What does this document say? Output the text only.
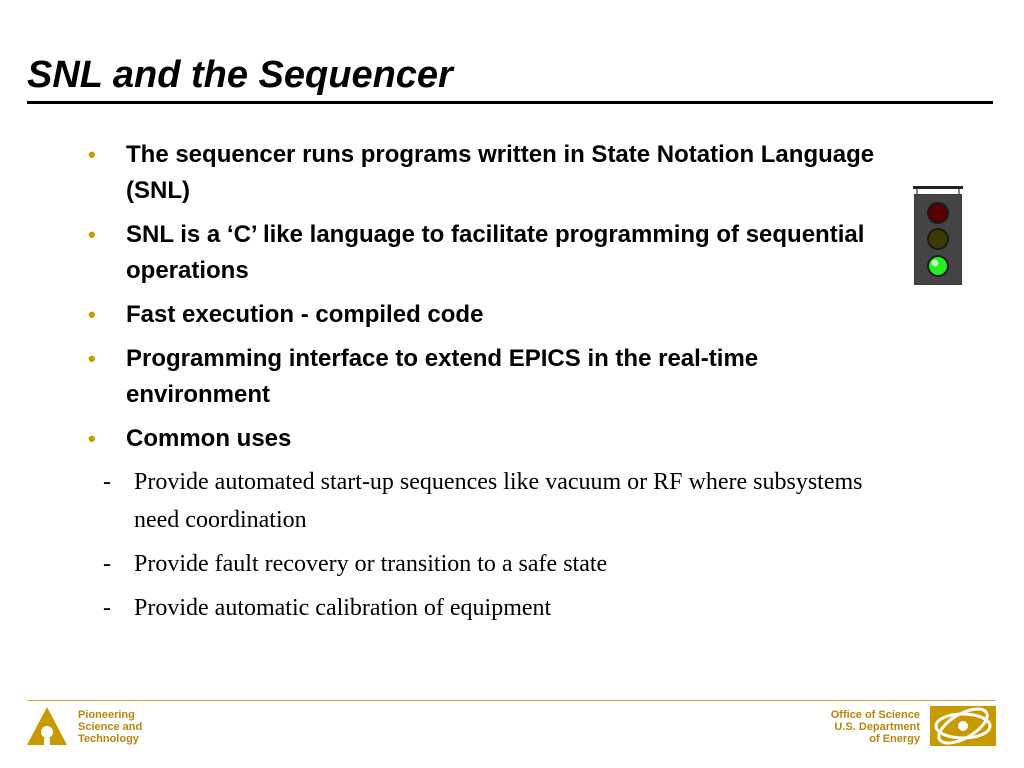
SNL and the Sequencer
•	The sequencer runs programs written in State Notation Language (SNL)
•	SNL is a ‘C’ like language to facilitate programming of sequential operations
•	Fast execution - compiled code
•	Programming interface to extend EPICS in the real-time environment
•	Common uses
- Provide automated start-up sequences like vacuum or RF where subsystems need coordination
- Provide fault recovery or transition to a safe state
- Provide automatic calibration of equipment
Pioneering
Science and
Technology
Office of Science
U.S. Department
of Energy
